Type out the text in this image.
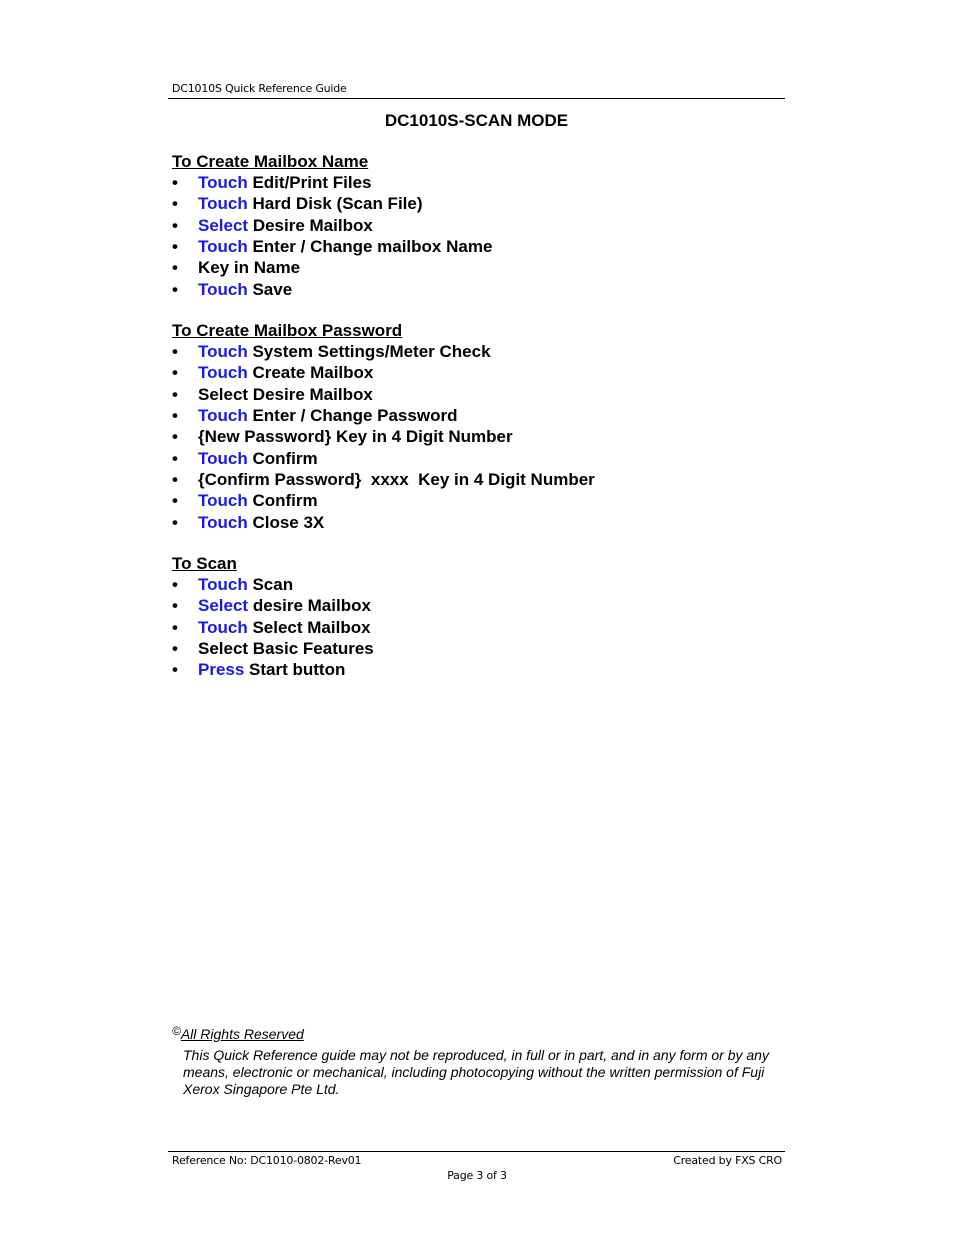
DC1010S Quick Reference Guide
DC1010S-SCAN MODE
To Create Mailbox Name
• Touch Edit/Print Files
• Touch Hard Disk (Scan File)
• Select Desire Mailbox
• Touch Enter / Change mailbox Name
• Key in Name
• Touch Save
To Create Mailbox Password
• Touch System Settings/Meter Check
• Touch Create Mailbox
• Select Desire Mailbox
• Touch Enter / Change Password
• {New Password} Key in 4 Digit Number
• Touch Confirm
• {Confirm Password}  xxxx  Key in 4 Digit Number
• Touch Confirm
• Touch Close 3X
To Scan
• Touch Scan
• Select desire Mailbox
• Touch Select Mailbox
• Select Basic Features
• Press Start button
©All Rights Reserved
This Quick Reference guide may not be reproduced, in full or in part, and in any form or by any means, electronic or mechanical, including photocopying without the written permission of Fuji Xerox Singapore Pte Ltd.
Reference No: DC1010-0802-Rev01	Created by FXS CRO
Page 3 of 3
